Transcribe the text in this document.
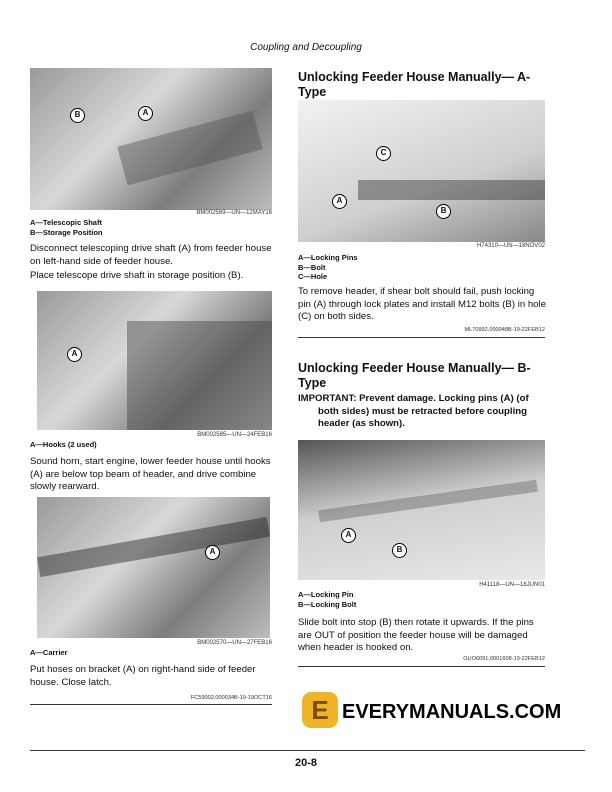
Coupling and Decoupling
B	A
BM002569—UN—12MAY16
A—Telescopic Shaft
B—Storage Position
Disconnect telescoping drive shaft (A) from feeder house on left-hand side of feeder house.
Place telescope drive shaft in storage position (B).
A
BM002585—UN—24FEB16
A—Hooks (2 used)
Sound horn, start engine, lower feeder house until hooks (A) are below top beam of header, and drive combine slowly rearward.
A
BM002570—UN—27FEB16
A—Carrier
Put hoses on bracket (A) on right-hand side of feeder house. Close latch.
FC59002,000034B-19-19OCT16
Unlocking Feeder House Manually— A-Type
C
A
B
H74310—UN—18NOV02
A—Locking Pins
B—Bolt
C—Hole
To remove header, if shear bolt should fail, push locking pin (A) through lock plates and install M12 bolts (B) in hole (C) on both sides.
ML70992,000048B-19-22FEB12
Unlocking Feeder House Manually— B-Type
IMPORTANT: Prevent damage. Locking pins (A) (of both sides) must be retracted before coupling header (as shown).
A
B
H41118—UN—18JUN01
A—Locking Pin
B—Locking Bolt
Slide bolt into stop (B) then rotate it upwards. If the pins are OUT of position the feeder house will be damaged when header is hooked on.
OUO6091,0001608-19-22FEB12
E EVERYMANUALS.COM
20-8
